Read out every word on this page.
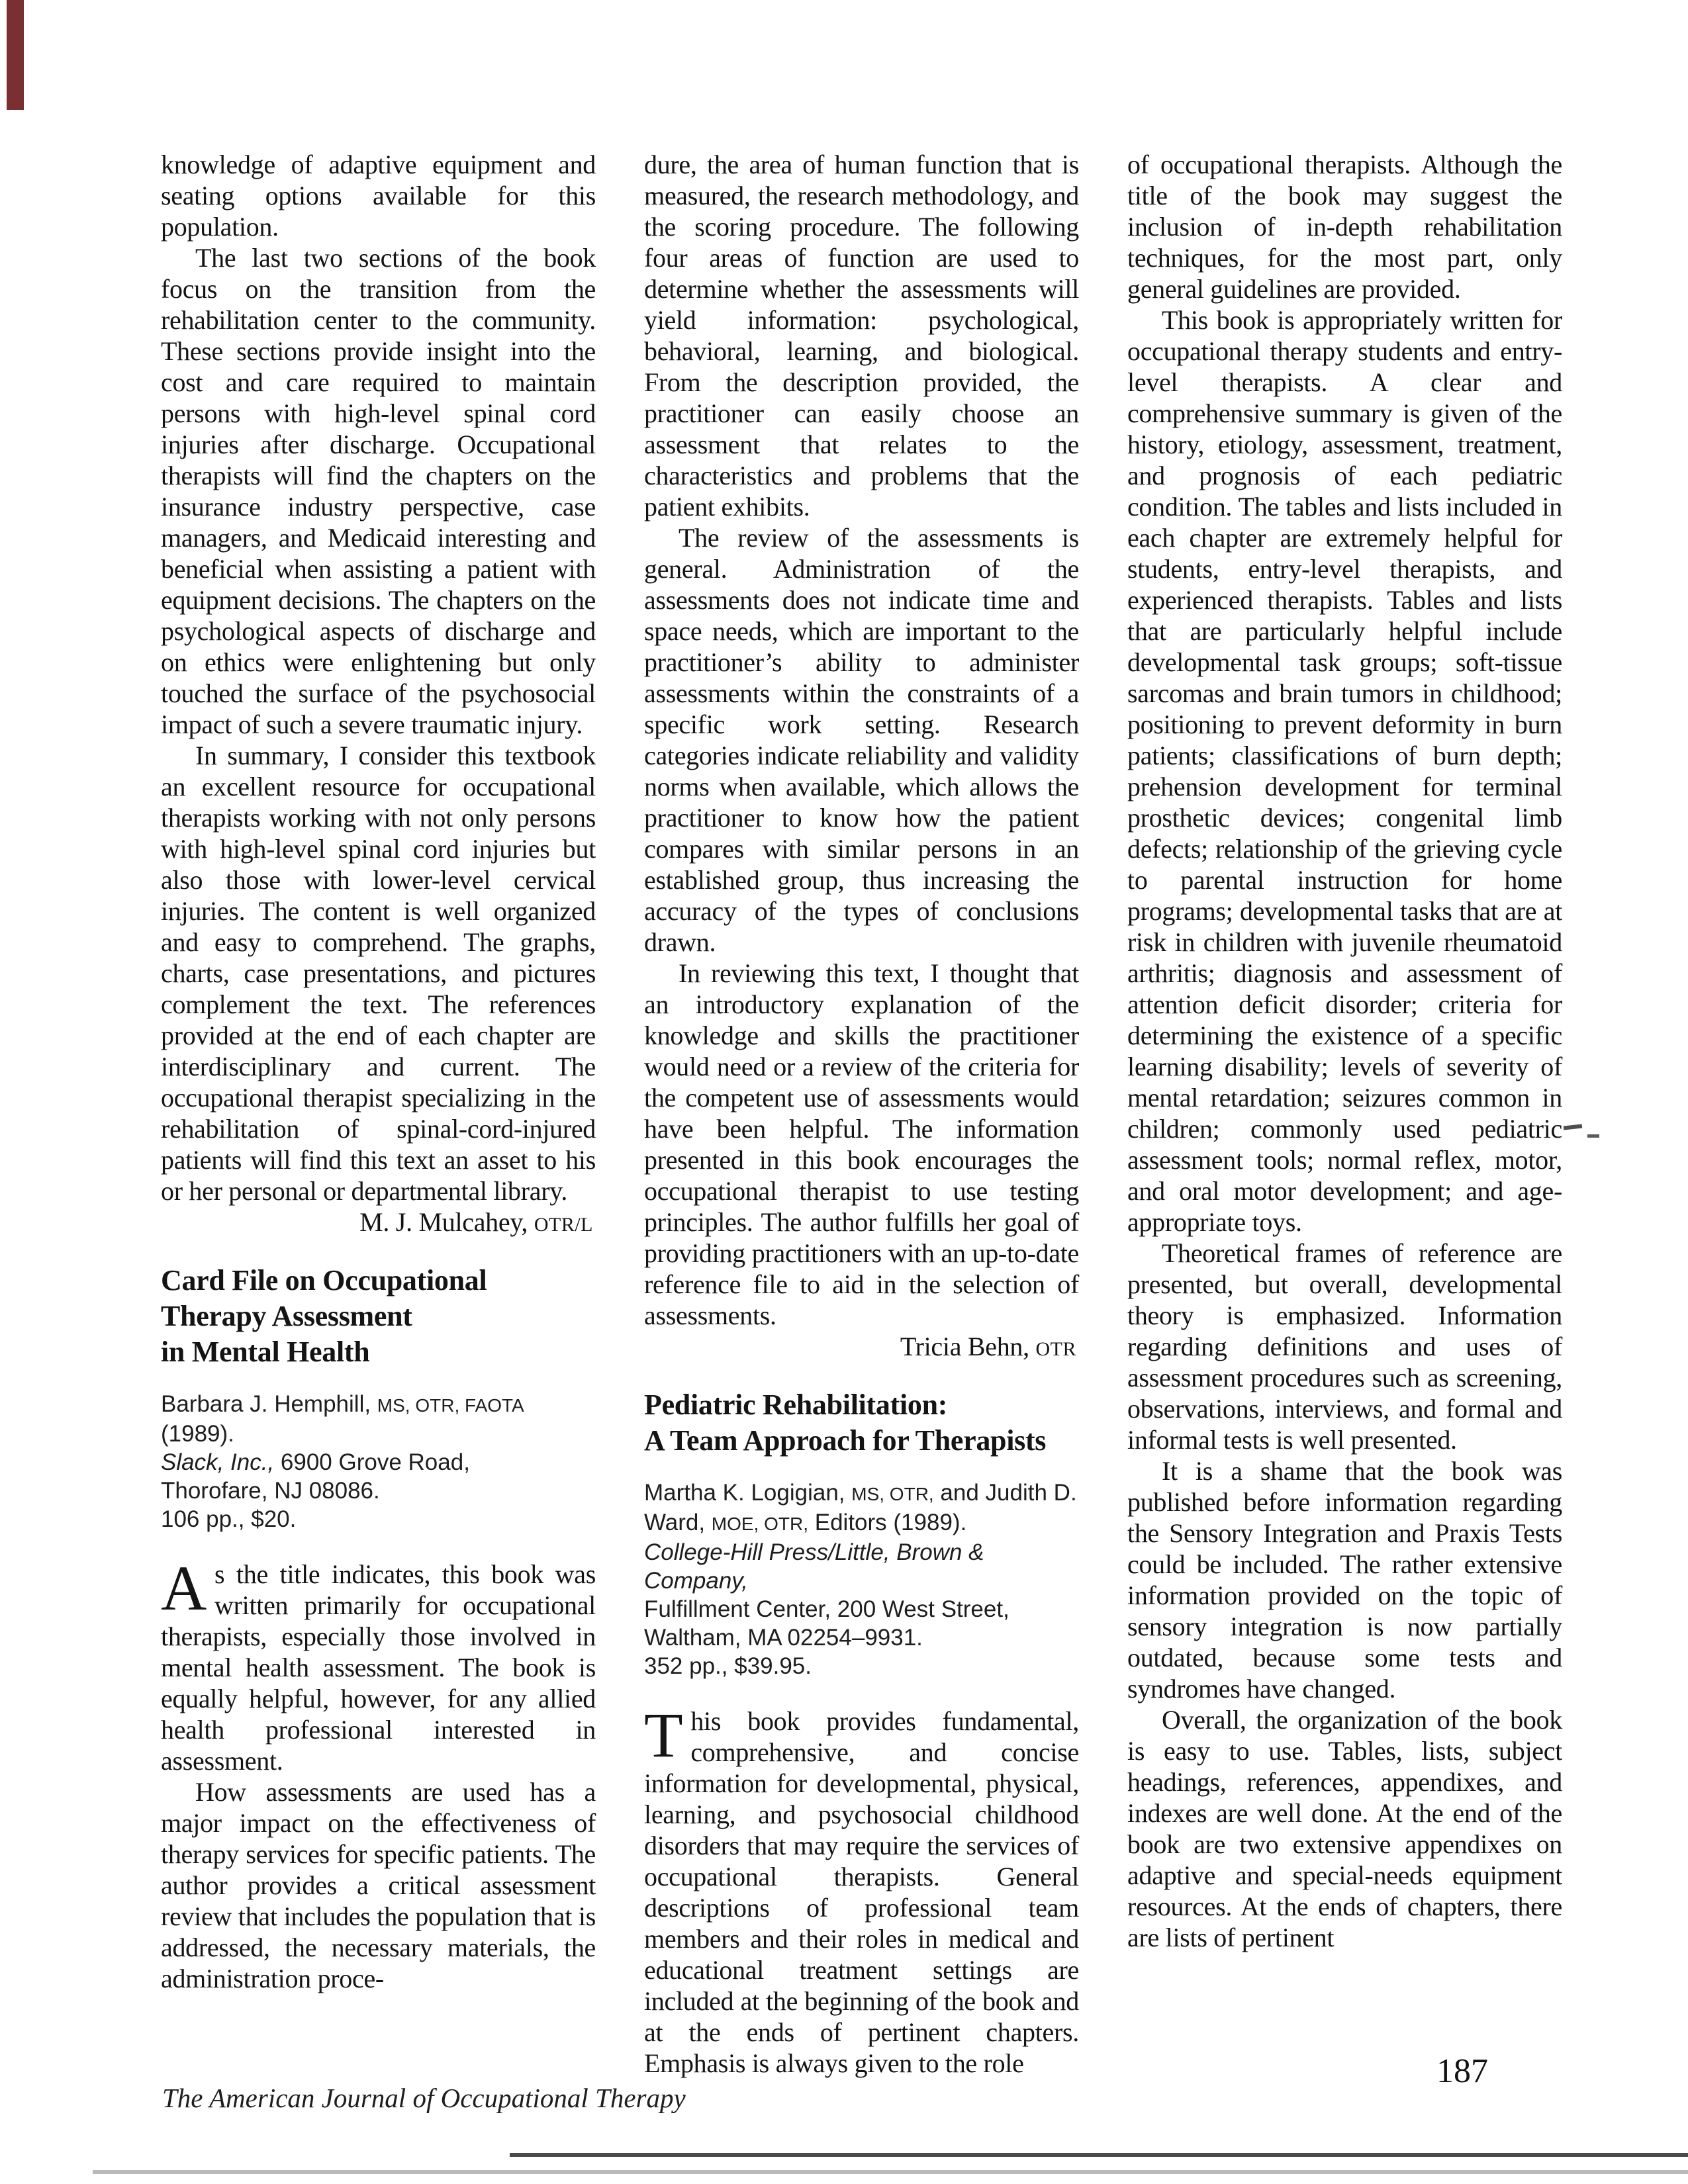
knowledge of adaptive equipment and seating options available for this population.

The last two sections of the book focus on the transition from the rehabilitation center to the community. These sections provide insight into the cost and care required to maintain persons with high-level spinal cord injuries after discharge. Occupational therapists will find the chapters on the insurance industry perspective, case managers, and Medicaid interesting and beneficial when assisting a patient with equipment decisions. The chapters on the psychological aspects of discharge and on ethics were enlightening but only touched the surface of the psychosocial impact of such a severe traumatic injury.

In summary, I consider this textbook an excellent resource for occupational therapists working with not only persons with high-level spinal cord injuries but also those with lower-level cervical injuries. The content is well organized and easy to comprehend. The graphs, charts, case presentations, and pictures complement the text. The references provided at the end of each chapter are interdisciplinary and current. The occupational therapist specializing in the rehabilitation of spinal-cord-injured patients will find this text an asset to his or her personal or departmental library.

M. J. Mulcahey, OTR/L

Card File on Occupational
Therapy Assessment
in Mental Health
Barbara J. Hemphill, MS, OTR, FAOTA (1989).
Slack, Inc., 6900 Grove Road,
Thorofare, NJ 08086.
106 pp., $20.

As the title indicates, this book was written primarily for occupational therapists, especially those involved in mental health assessment. The book is equally helpful, however, for any allied health professional interested in assessment.

How assessments are used has a major impact on the effectiveness of therapy services for specific patients. The author provides a critical assessment review that includes the population that is addressed, the necessary materials, the administration proce-

dure, the area of human function that is measured, the research methodology, and the scoring procedure. The following four areas of function are used to determine whether the assessments will yield information: psychological, behavioral, learning, and biological. From the description provided, the practitioner can easily choose an assessment that relates to the characteristics and problems that the patient exhibits.

The review of the assessments is general. Administration of the assessments does not indicate time and space needs, which are important to the practitioner’s ability to administer assessments within the constraints of a specific work setting. Research categories indicate reliability and validity norms when available, which allows the practitioner to know how the patient compares with similar persons in an established group, thus increasing the accuracy of the types of conclusions drawn.

In reviewing this text, I thought that an introductory explanation of the knowledge and skills the practitioner would need or a review of the criteria for the competent use of assessments would have been helpful. The information presented in this book encourages the occupational therapist to use testing principles. The author fulfills her goal of providing practitioners with an up-to-date reference file to aid in the selection of assessments.

Tricia Behn, OTR

Pediatric Rehabilitation:
A Team Approach for Therapists
Martha K. Logigian, MS, OTR, and Judith D.
Ward, MOE, OTR, Editors (1989).
College-Hill Press/Little, Brown & Company,
Fulfillment Center, 200 West Street,
Waltham, MA 02254–9931.
352 pp., $39.95.

This book provides fundamental, comprehensive, and concise information for developmental, physical, learning, and psychosocial childhood disorders that may require the services of occupational therapists. General descriptions of professional team members and their roles in medical and educational treatment settings are included at the beginning of the book and at the ends of pertinent chapters. Emphasis is always given to the role

of occupational therapists. Although the title of the book may suggest the inclusion of in-depth rehabilitation techniques, for the most part, only general guidelines are provided.

This book is appropriately written for occupational therapy students and entry-level therapists. A clear and comprehensive summary is given of the history, etiology, assessment, treatment, and prognosis of each pediatric condition. The tables and lists included in each chapter are extremely helpful for students, entry-level therapists, and experienced therapists. Tables and lists that are particularly helpful include developmental task groups; soft-tissue sarcomas and brain tumors in childhood; positioning to prevent deformity in burn patients; classifications of burn depth; prehension development for terminal prosthetic devices; congenital limb defects; relationship of the grieving cycle to parental instruction for home programs; developmental tasks that are at risk in children with juvenile rheumatoid arthritis; diagnosis and assessment of attention deficit disorder; criteria for determining the existence of a specific learning disability; levels of severity of mental retardation; seizures common in children; commonly used pediatric assessment tools; normal reflex, motor, and oral motor development; and age-appropriate toys.

Theoretical frames of reference are presented, but overall, developmental theory is emphasized. Information regarding definitions and uses of assessment procedures such as screening, observations, interviews, and formal and informal tests is well presented.

It is a shame that the book was published before information regarding the Sensory Integration and Praxis Tests could be included. The rather extensive information provided on the topic of sensory integration is now partially outdated, because some tests and syndromes have changed.

Overall, the organization of the book is easy to use. Tables, lists, subject headings, references, appendixes, and indexes are well done. At the end of the book are two extensive appendixes on adaptive and special-needs equipment resources. At the ends of chapters, there are lists of pertinent

The American Journal of Occupational Therapy
187
